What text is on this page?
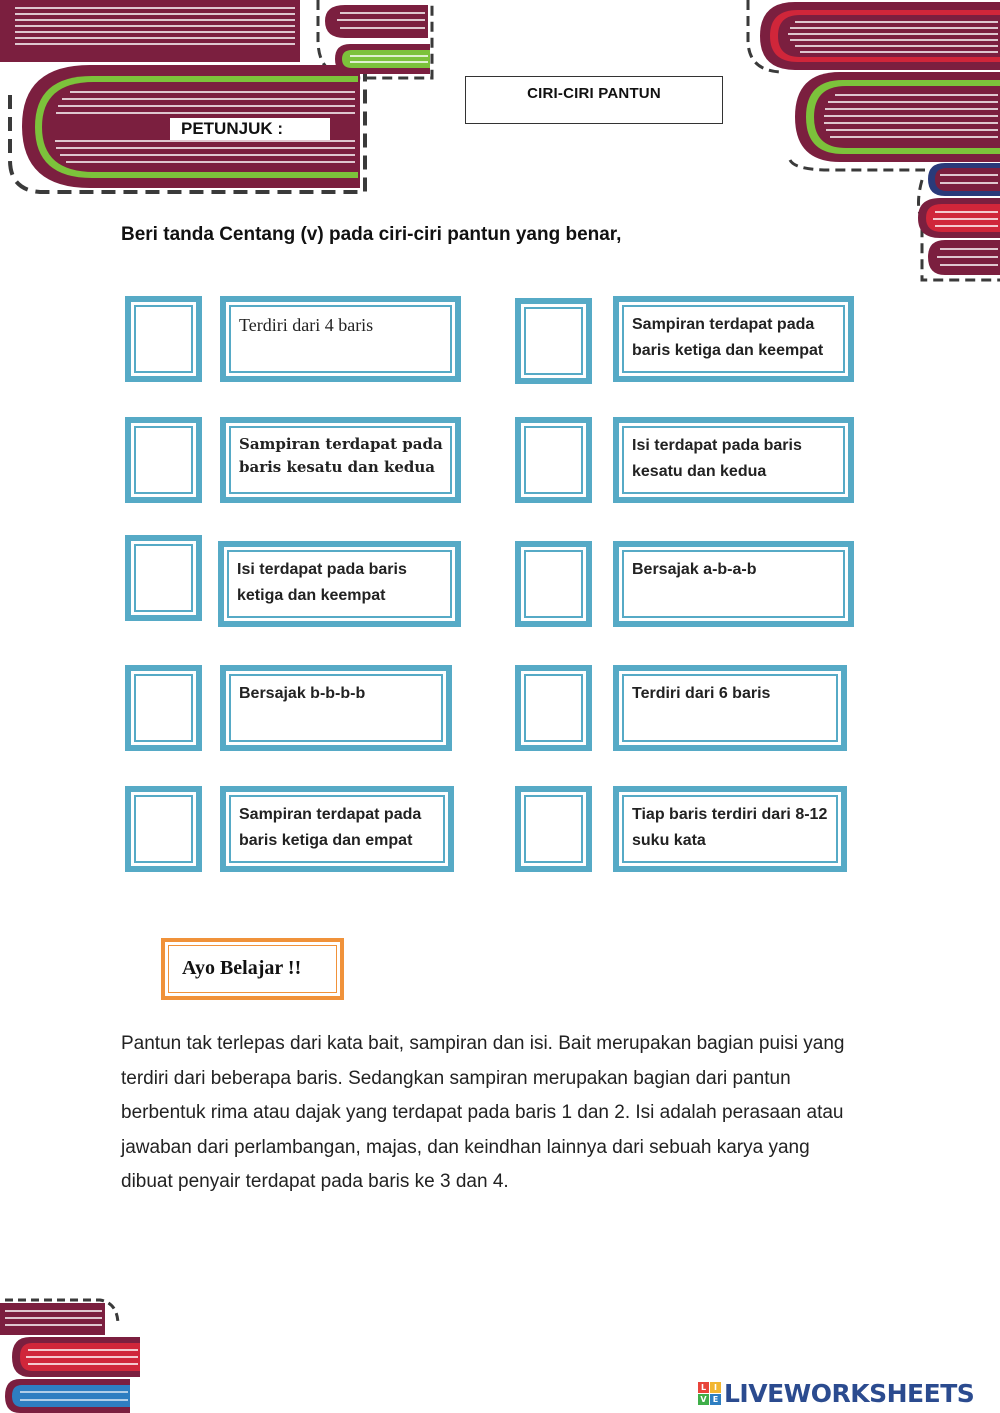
CIRI-CIRI PANTUN
PETUNJUK :
Beri tanda Centang (v) pada ciri-ciri pantun yang benar,
Terdiri dari 4 baris	Sampiran terdapat pada baris ketiga dan keempat
Sampiran terdapat pada baris kesatu dan kedua
Isi terdapat pada baris kesatu dan kedua
Isi terdapat pada baris ketiga dan keempat
Bersajak a-b-a-b
Bersajak b-b-b-b	Terdiri dari 6 baris
Sampiran terdapat pada baris ketiga dan empat
Tiap baris terdiri dari 8-12 suku kata
Ayo Belajar !!
Pantun tak terlepas dari kata bait, sampiran dan isi. Bait merupakan bagian puisi yang terdiri dari beberapa baris. Sedangkan sampiran merupakan bagian dari pantun berbentuk rima atau dajak yang terdapat pada baris 1 dan 2. Isi adalah perasaan atau jawaban dari perlambangan, majas, dan keindhan lainnya dari sebuah karya yang dibuat penyair terdapat pada baris ke 3 dan 4.
L I
V E LIVEWORKSHEETS
